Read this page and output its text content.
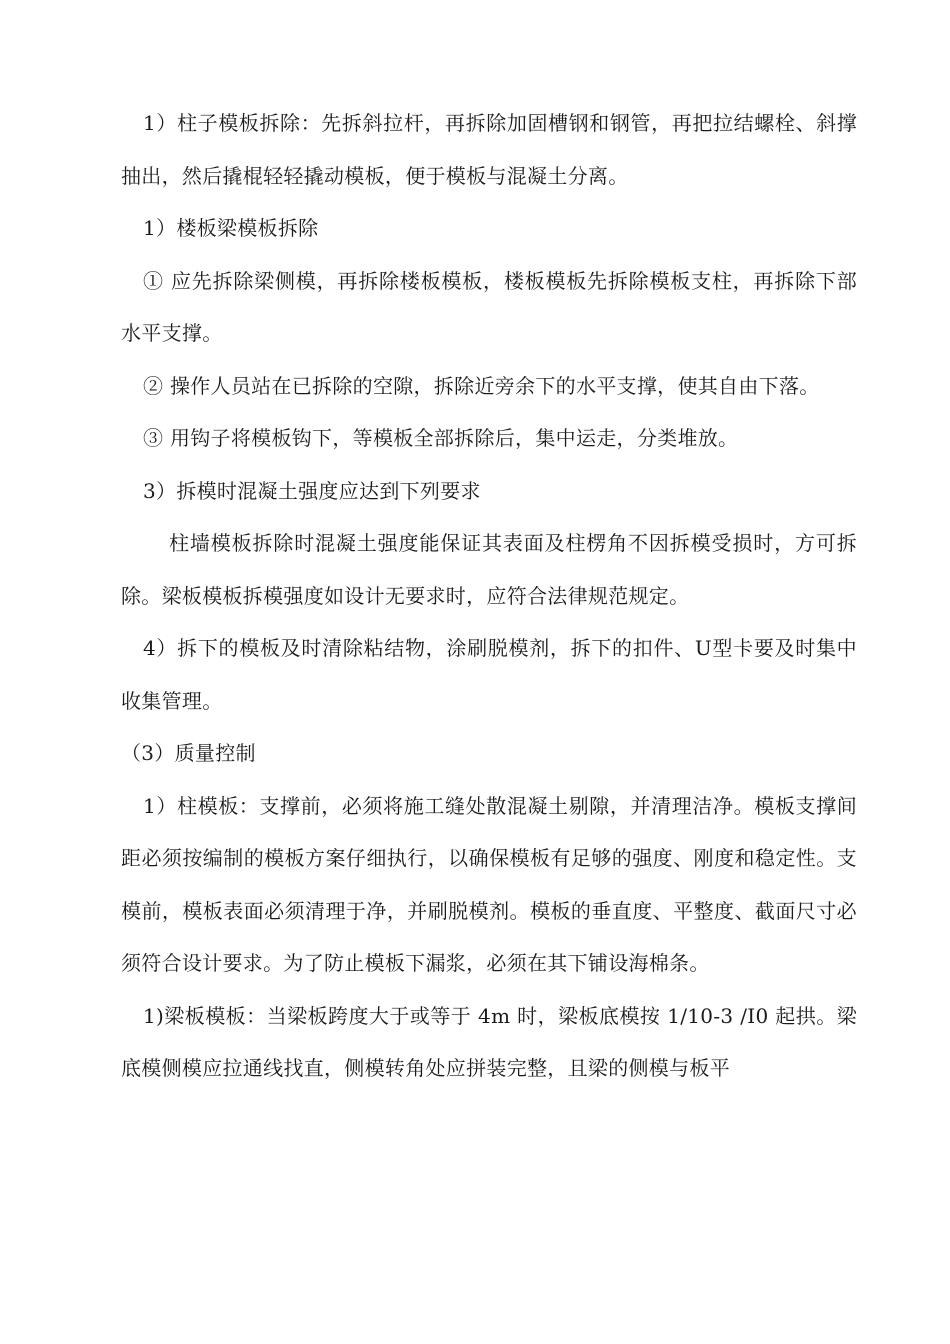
1）柱子模板拆除：先拆斜拉杆，再拆除加固槽钢和钢管，再把拉结螺栓、斜撑抽出，然后撬棍轻轻撬动模板，便于模板与混凝土分离。

1）楼板梁模板拆除

① 应先拆除梁侧模，再拆除楼板模板，楼板模板先拆除模板支柱，再拆除下部水平支撑。

② 操作人员站在已拆除的空隙，拆除近旁余下的水平支撑，使其自由下落。

③ 用钩子将模板钩下，等模板全部拆除后，集中运走，分类堆放。

3）拆模时混凝土强度应达到下列要求

柱墙模板拆除时混凝土强度能保证其表面及柱楞角不因拆模受损时，方可拆除。梁板模板拆模强度如设计无要求时，应符合法律规范规定。

4）拆下的模板及时清除粘结物，涂刷脱模剂，拆下的扣件、U型卡要及时集中收集管理。

（3）质量控制

1）柱模板：支撑前，必须将施工缝处散混凝土剔隙，并清理洁净。模板支撑间距必须按编制的模板方案仔细执行，以确保模板有足够的强度、刚度和稳定性。支模前，模板表面必须清理于净，并刷脱模剂。模板的垂直度、平整度、截面尺寸必须符合设计要求。为了防止模板下漏浆，必须在其下铺设海棉条。

1)梁板模板：当梁板跨度大于或等于 4m 时，梁板底模按 1/10-3 /I0 起拱。梁底模侧模应拉通线找直，侧模转角处应拼装完整，且梁的侧模与板平
